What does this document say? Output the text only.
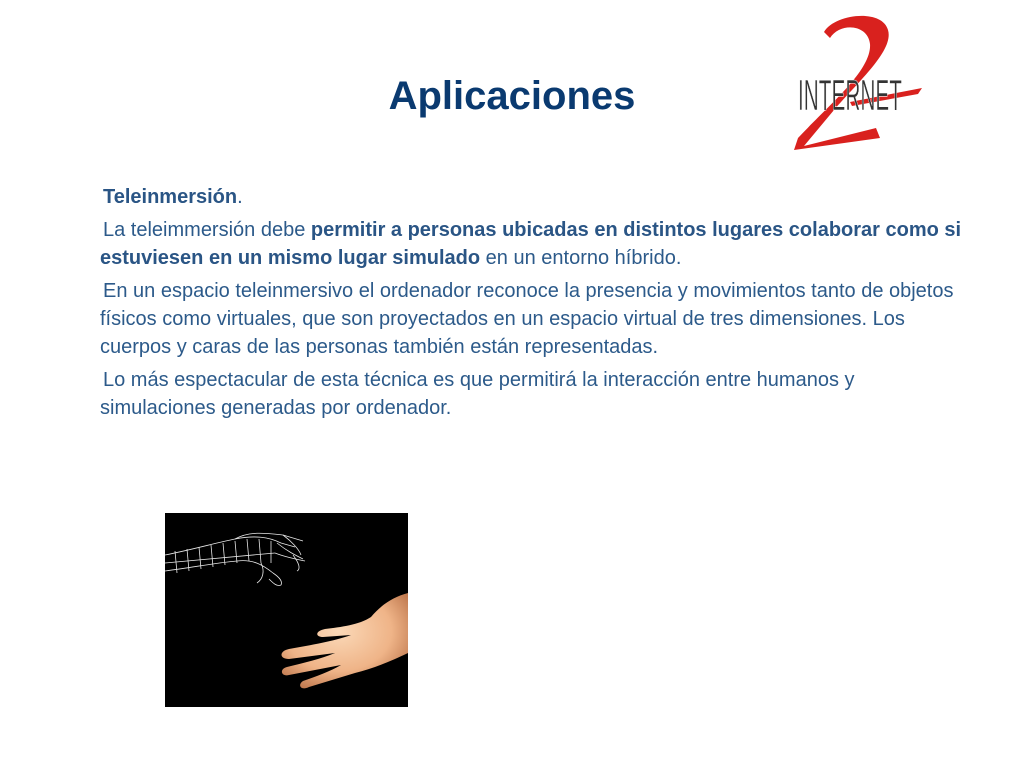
Aplicaciones	INTERNET

Teleinmersión.

La teleimmersión debe permitir a personas ubicadas en distintos lugares colaborar como si estuviesen en un mismo lugar simulado en un entorno híbrido.

En un espacio teleinmersivo el ordenador reconoce la presencia y movimientos tanto de objetos físicos como virtuales, que son proyectados en un espacio virtual de tres dimensiones. Los cuerpos y caras de las personas también están representadas.

Lo más espectacular de esta técnica es que permitirá la interacción entre humanos y simulaciones generadas por ordenador.
